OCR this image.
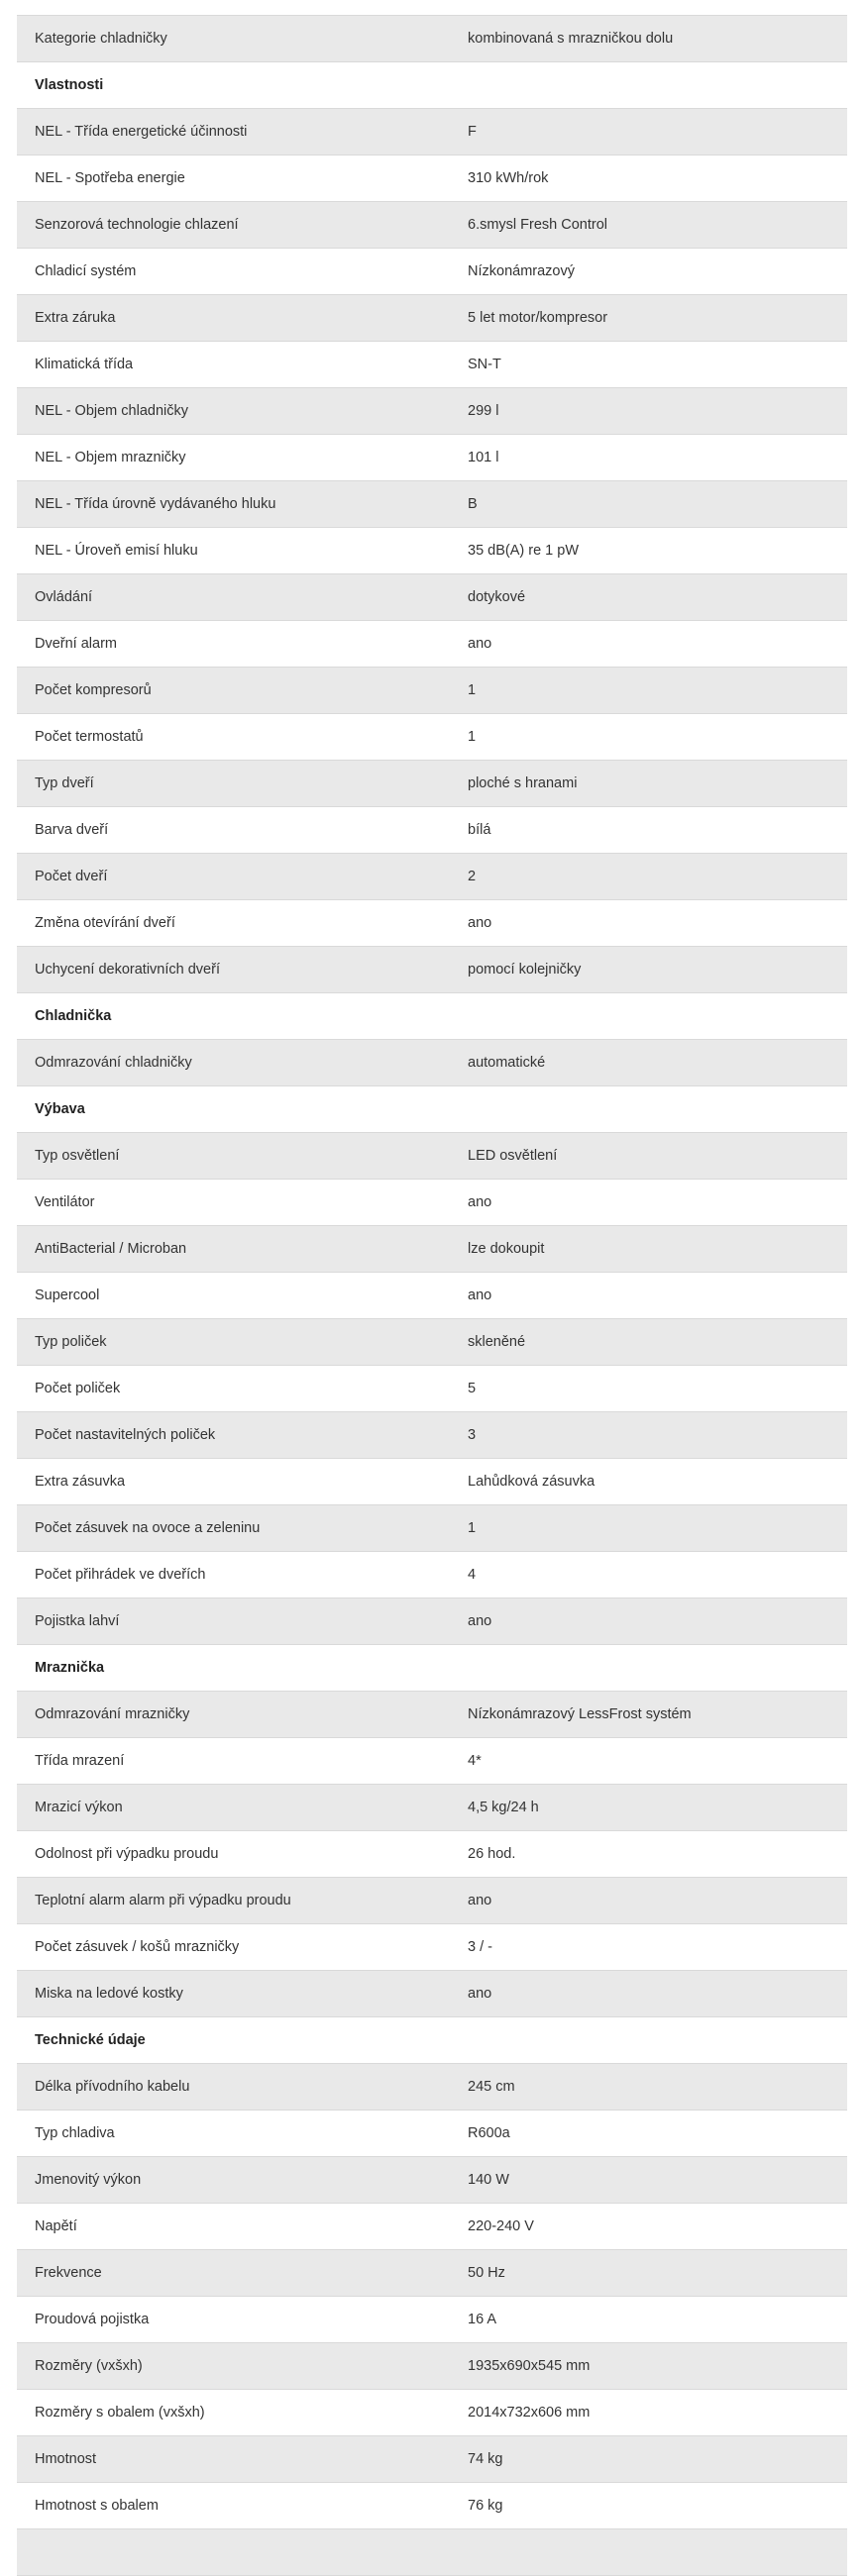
Kategorie chladničky	kombinovaná s mrazničkou dolu
Vlastnosti
NEL - Třída energetické účinnosti	F
NEL - Spotřeba energie	310 kWh/rok
Senzorová technologie chlazení	6.smysl Fresh Control
Chladicí systém	Nízkonámrazový
Extra záruka	5 let motor/kompresor
Klimatická třída	SN-T
NEL - Objem chladničky	299 l
NEL - Objem mrazničky	101 l
NEL - Třída úrovně vydávaného hluku	B
NEL - Úroveň emisí hluku	35 dB(A) re 1 pW
Ovládání	dotykové
Dveřní alarm	ano
Počet kompresorů	1
Počet termostatů	1
Typ dveří	ploché s hranami
Barva dveří	bílá
Počet dveří	2
Změna otevírání dveří	ano
Uchycení dekorativních dveří	pomocí kolejničky
Chladnička
Odmrazování chladničky	automatické
Výbava
Typ osvětlení	LED osvětlení
Ventilátor	ano
AntiBacterial / Microban	lze dokoupit
Supercool	ano
Typ poliček	skleněné
Počet poliček	5
Počet nastavitelných poliček	3
Extra zásuvka	Lahůdková zásuvka
Počet zásuvek na ovoce a zeleninu	1
Počet přihrádek ve dveřích	4
Pojistka lahví	ano
Mraznička
Odmrazování mrazničky	Nízkonámrazový LessFrost systém
Třída mrazení	4*
Mrazicí výkon	4,5 kg/24 h
Odolnost při výpadku proudu	26 hod.
Teplotní alarm alarm při výpadku proudu	ano
Počet zásuvek / košů mrazničky	3 / -
Miska na ledové kostky	ano
Technické údaje
Délka přívodního kabelu	245 cm
Typ chladiva	R600a
Jmenovitý výkon	140 W
Napětí	220-240 V
Frekvence	50 Hz
Proudová pojistka	16 A
Rozměry (vxšxh)	1935x690x545 mm
Rozměry s obalem (vxšxh)	2014x732x606 mm
Hmotnost	74 kg
Hmotnost s obalem	76 kg
